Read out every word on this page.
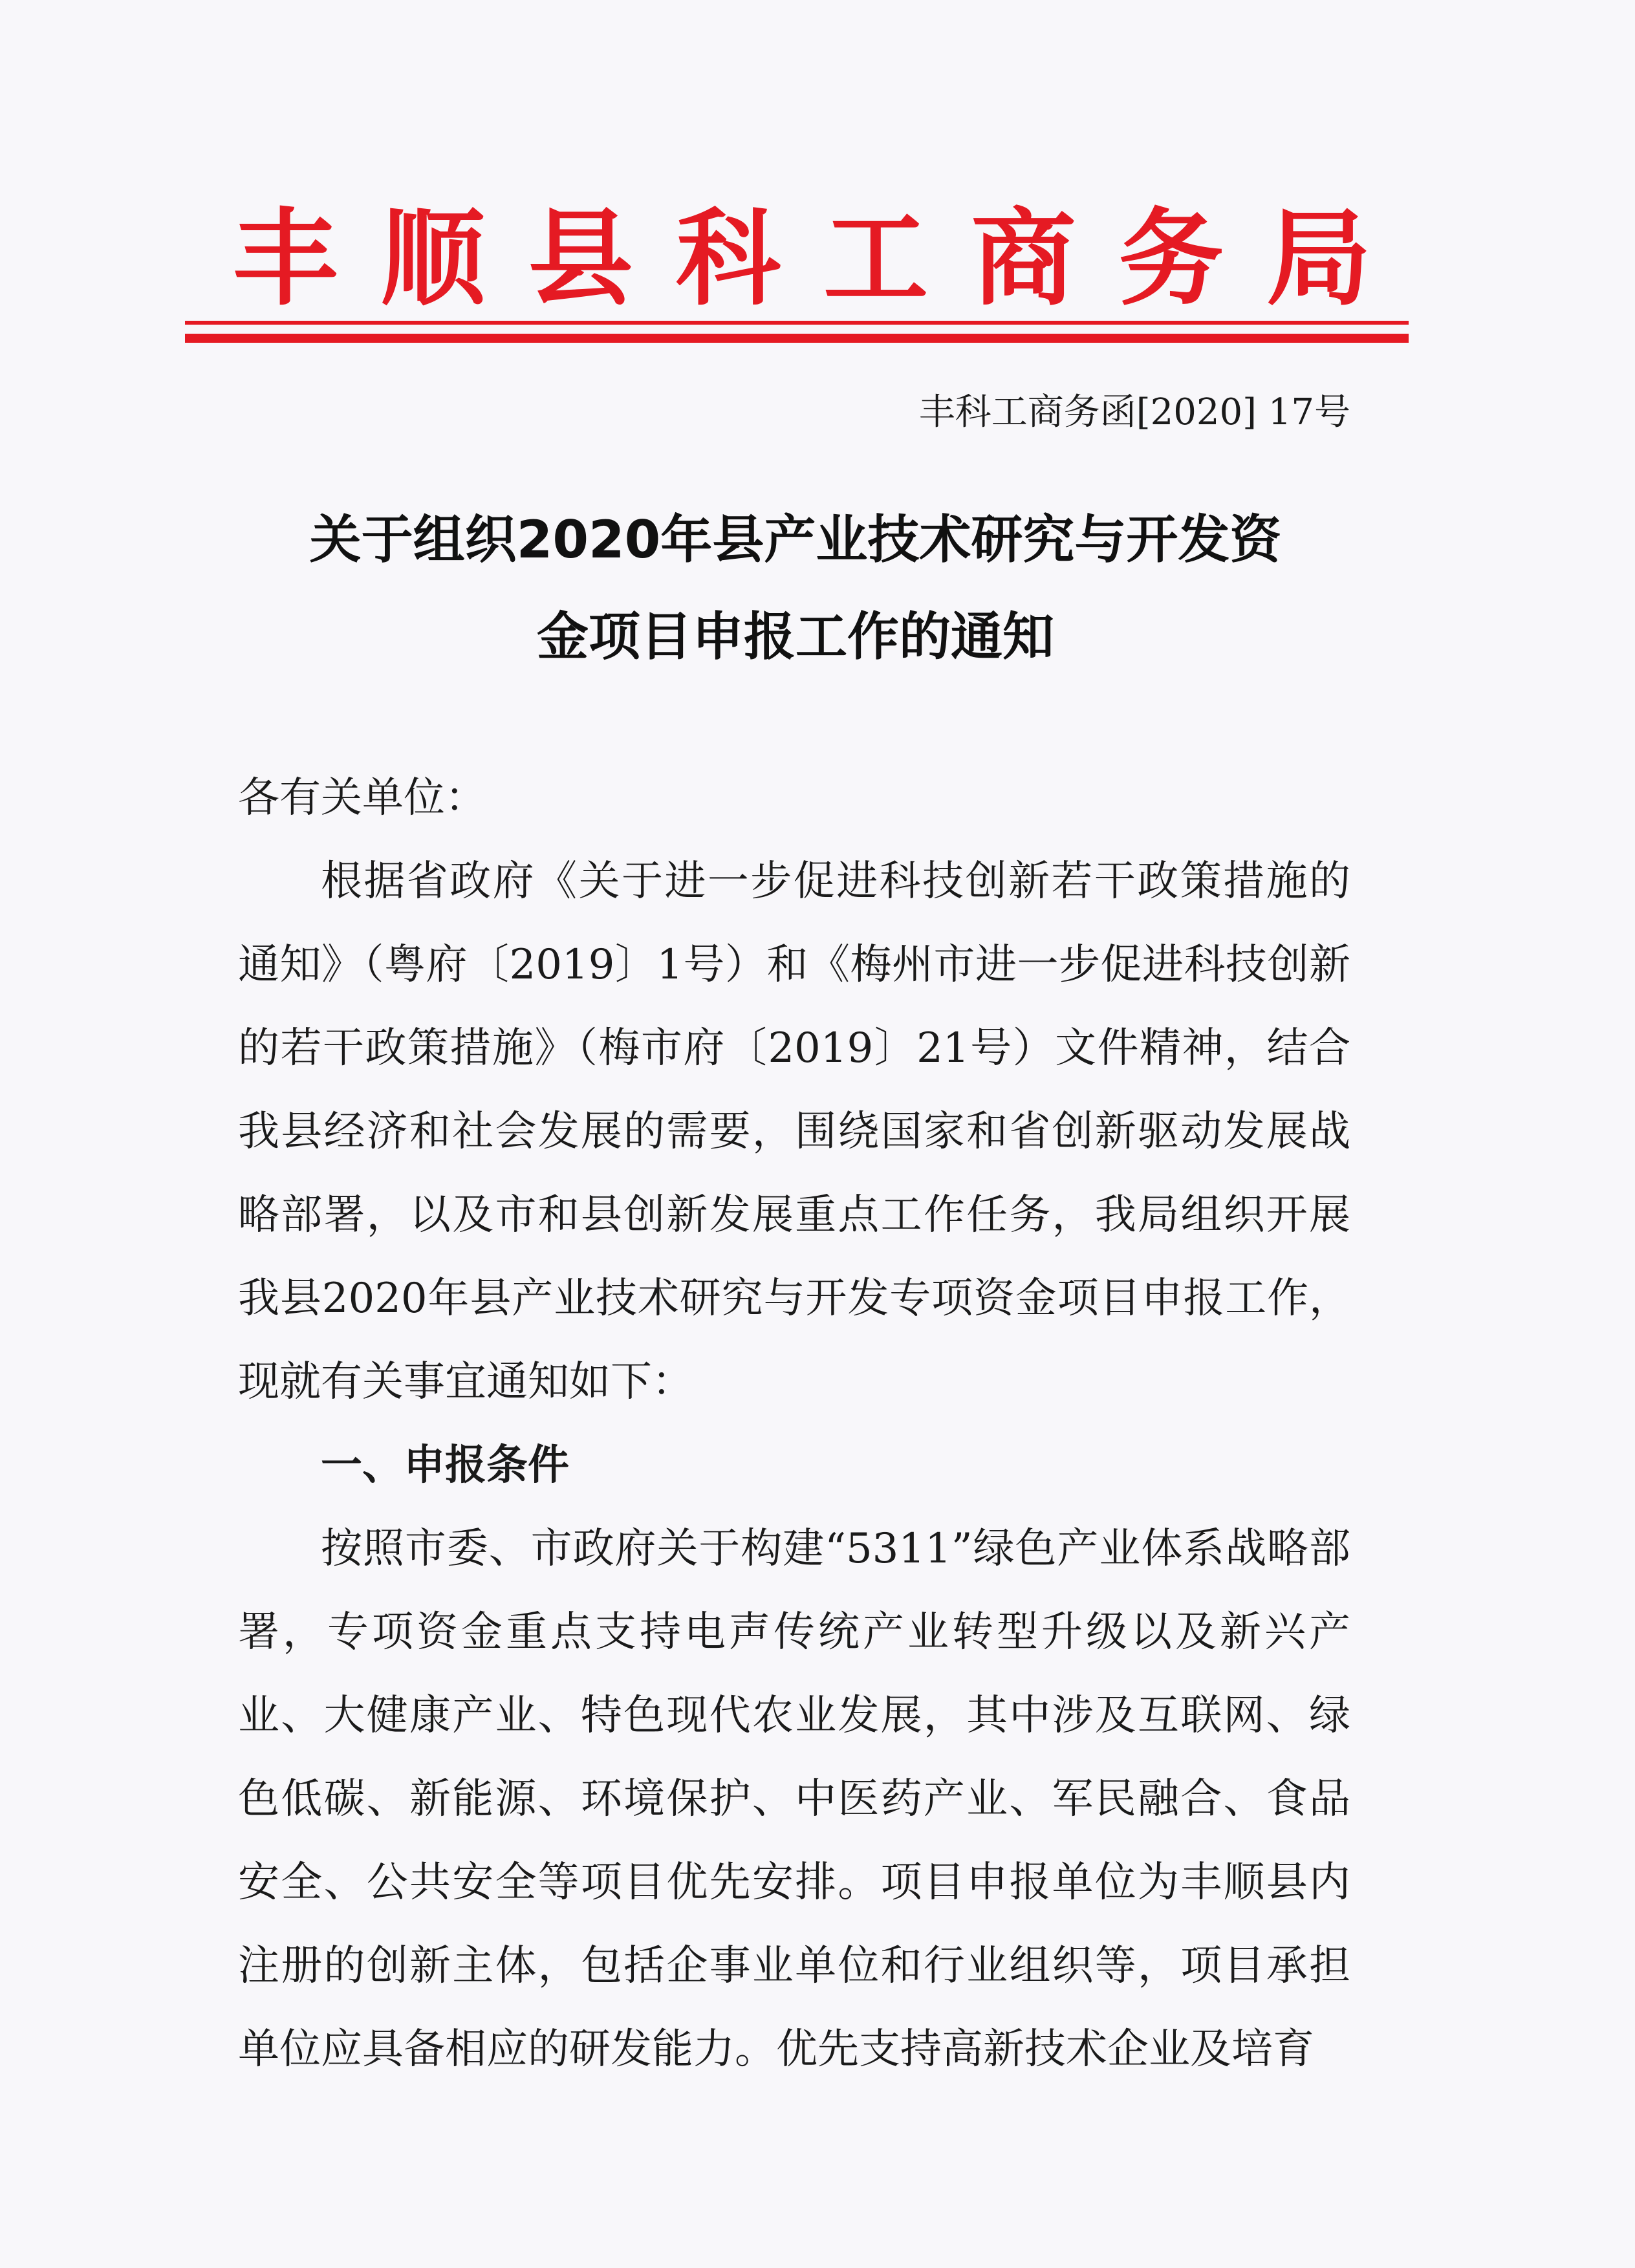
丰 顺 县 科 工 商 务 局
丰科工商务函[2020] 17号
关于组织2020年县产业技术研究与开发资
金项目申报工作的通知

各有关单位：

根据省政府《关于进一步促进科技创新若干政策措施的通知》（粤府〔2019〕1号）和《梅州市进一步促进科技创新的若干政策措施》（梅市府〔2019〕21号）文件精神，结合我县经济和社会发展的需要，围绕国家和省创新驱动发展战略部署，以及市和县创新发展重点工作任务，我局组织开展我县2020年县产业技术研究与开发专项资金项目申报工作，现就有关事宜通知如下：

一、申报条件

按照市委、市政府关于构建“5311”绿色产业体系战略部署，专项资金重点支持电声传统产业转型升级以及新兴产业、大健康产业、特色现代农业发展，其中涉及互联网、绿色低碳、新能源、环境保护、中医药产业、军民融合、食品安全、公共安全等项目优先安排。项目申报单位为丰顺县内注册的创新主体，包括企事业单位和行业组织等，项目承担单位应具备相应的研发能力。优先支持高新技术企业及培育
